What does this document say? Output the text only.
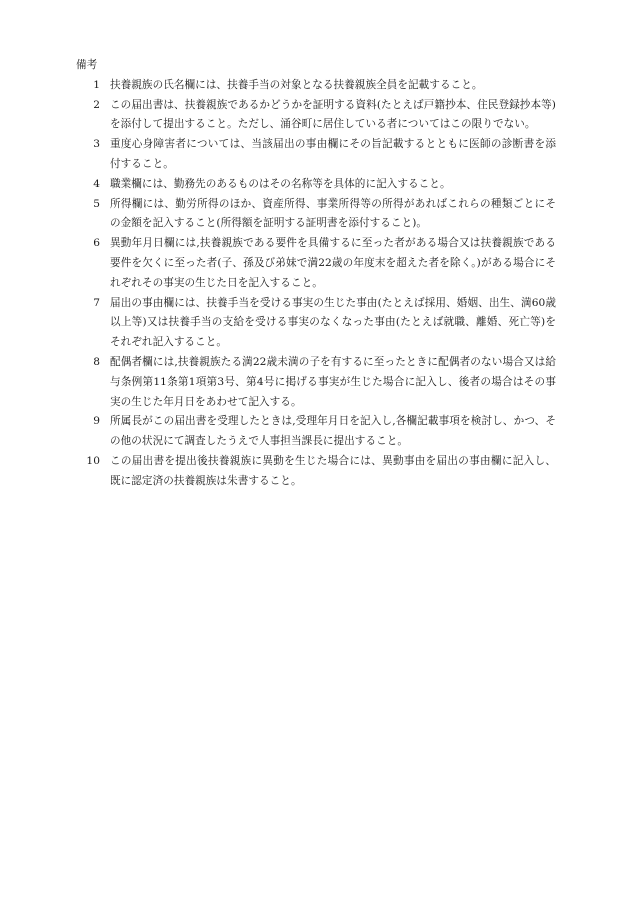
備考
1 扶養親族の氏名欄には、扶養手当の対象となる扶養親族全員を記載すること。
2 この届出書は、扶養親族であるかどうかを証明する資料(たとえば戸籍抄本、住民登録抄本等)を添付して提出すること。ただし、涌谷町に居住している者についてはこの限りでない。
3 重度心身障害者については、当該届出の事由欄にその旨記載するとともに医師の診断書を添付すること。
4 職業欄には、勤務先のあるものはその名称等を具体的に記入すること。
5 所得欄には、勤労所得のほか、資産所得、事業所得等の所得があればこれらの種類ごとにその金額を記入すること(所得額を証明する証明書を添付すること)。
6 異動年月日欄には,扶養親族である要件を具備するに至った者がある場合又は扶養親族である要件を欠くに至った者(子、孫及び弟妹で満22歳の年度末を超えた者を除く。)がある場合にそれぞれその事実の生じた日を記入すること。
7 届出の事由欄には、扶養手当を受ける事実の生じた事由(たとえば採用、婚姻、出生、満60歳以上等)又は扶養手当の支給を受ける事実のなくなった事由(たとえば就職、離婚、死亡等)をそれぞれ記入すること。
8 配偶者欄には,扶養親族たる満22歳未満の子を有するに至ったときに配偶者のない場合又は給与条例第11条第1項第3号、第4号に掲げる事実が生じた場合に記入し、後者の場合はその事実の生じた年月日をあわせて記入する。
9 所属長がこの届出書を受理したときは,受理年月日を記入し,各欄記載事項を検討し、かつ、その他の状況にて調査したうえで人事担当課長に提出すること。
10 この届出書を提出後扶養親族に異動を生じた場合には、異動事由を届出の事由欄に記入し、既に認定済の扶養親族は朱書すること。
